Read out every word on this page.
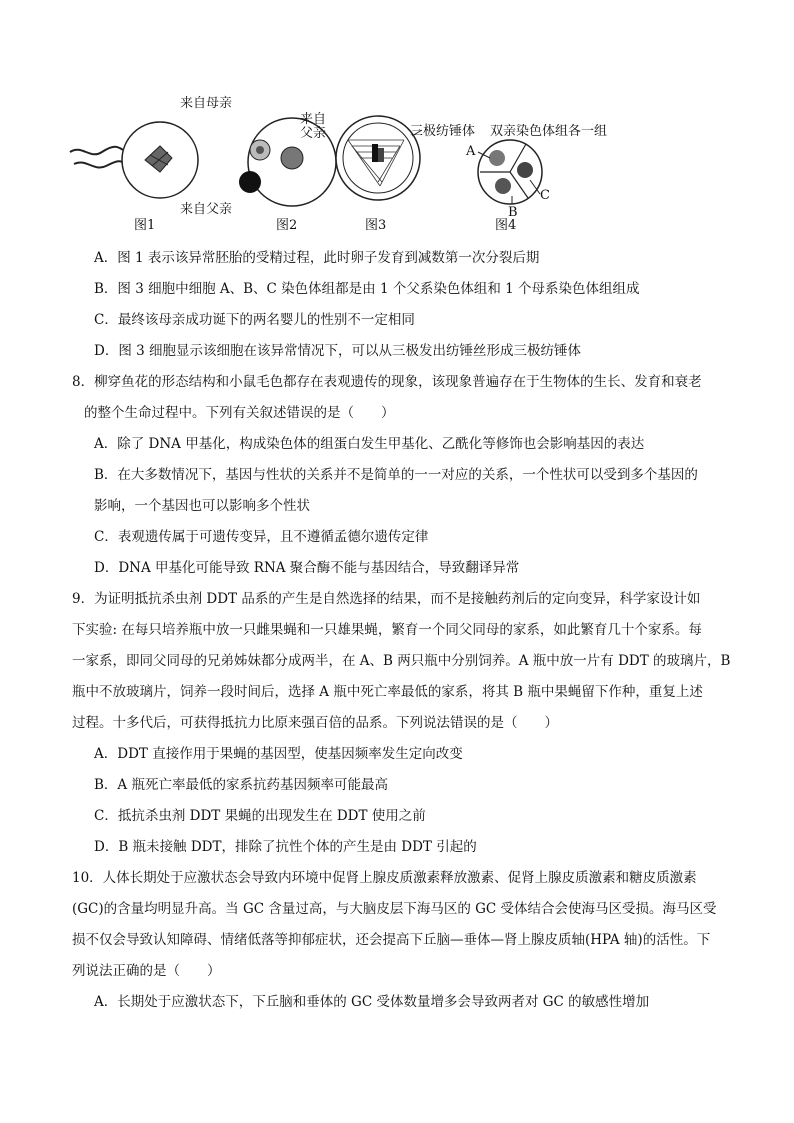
图1	图2	图3	图4
来自母亲
来自
父亲
来自父亲
三极纺锤体 双亲染色体组各一组
A
B
C
A．图 1 表示该异常胚胎的受精过程，此时卵子发育到减数第一次分裂后期
B．图 3 细胞中细胞 A、B、C 染色体组都是由 1 个父系染色体组和 1 个母系染色体组组成
C．最终该母亲成功诞下的两名婴儿的性别不一定相同
D．图 3 细胞显示该细胞在该异常情况下，可以从三极发出纺锤丝形成三极纺锤体
8．柳穿鱼花的形态结构和小鼠毛色都存在表观遗传的现象，该现象普遍存在于生物体的生长、发育和衰老
的整个生命过程中。下列有关叙述错误的是（　　）
A．除了 DNA 甲基化，构成染色体的组蛋白发生甲基化、乙酰化等修饰也会影响基因的表达
B．在大多数情况下，基因与性状的关系并不是简单的一一对应的关系，一个性状可以受到多个基因的
影响，一个基因也可以影响多个性状
C．表观遗传属于可遗传变异，且不遵循孟德尔遗传定律
D．DNA 甲基化可能导致 RNA 聚合酶不能与基因结合，导致翻译异常
9．为证明抵抗杀虫剂 DDT 品系的产生是自然选择的结果，而不是接触药剂后的定向变异，科学家设计如
下实验: 在每只培养瓶中放一只雌果蝇和一只雄果蝇，繁育一个同父同母的家系，如此繁育几十个家系。每
一家系，即同父同母的兄弟姊妹都分成两半，在 A、B 两只瓶中分别饲养。A 瓶中放一片有 DDT 的玻璃片，B
瓶中不放玻璃片，饲养一段时间后，选择 A 瓶中死亡率最低的家系，将其 B 瓶中果蝇留下作种，重复上述
过程。十多代后，可获得抵抗力比原来强百倍的品系。下列说法错误的是（　　）
A．DDT 直接作用于果蝇的基因型，使基因频率发生定向改变
B．A 瓶死亡率最低的家系抗药基因频率可能最高
C．抵抗杀虫剂 DDT 果蝇的出现发生在 DDT 使用之前
D．B 瓶未接触 DDT，排除了抗性个体的产生是由 DDT 引起的
10．人体长期处于应激状态会导致内环境中促肾上腺皮质激素释放激素、促肾上腺皮质激素和糖皮质激素
(GC)的含量均明显升高。当 GC 含量过高，与大脑皮层下海马区的 GC 受体结合会使海马区受损。海马区受
损不仅会导致认知障碍、情绪低落等抑郁症状，还会提高下丘脑—垂体—肾上腺皮质轴(HPA 轴)的活性。下
列说法正确的是（　　）
A．长期处于应激状态下，下丘脑和垂体的 GC 受体数量增多会导致两者对 GC 的敏感性增加
